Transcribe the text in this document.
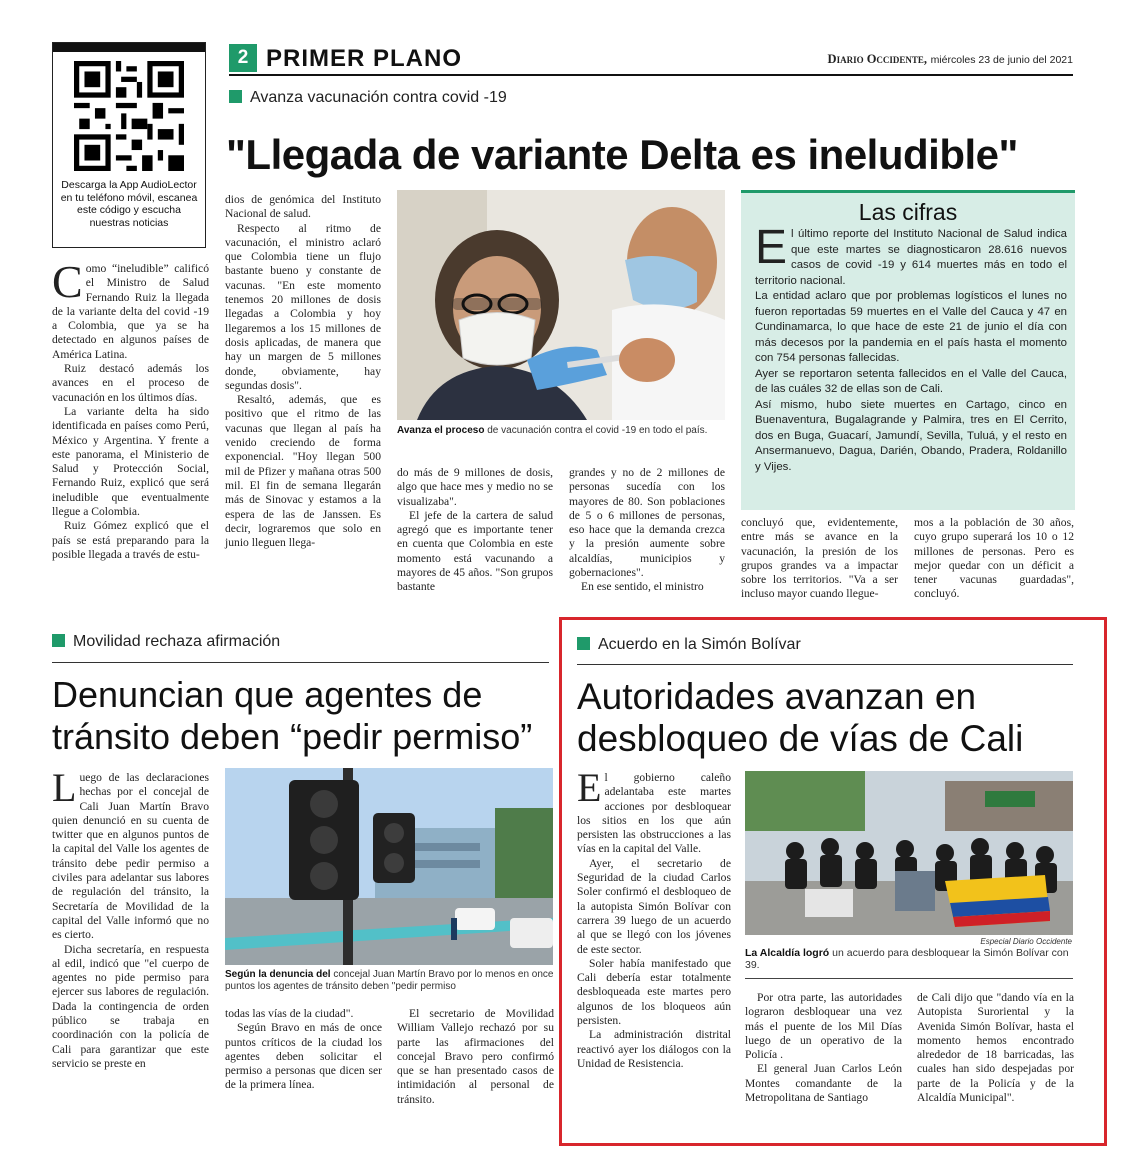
Descarga la App AudioLector en tu teléfono móvil, escanea este código y escucha nuestras noticias
2 PRIMER PLANO	Diario Occidente, miércoles 23 de junio del 2021
Avanza vacunación contra covid -19
"Llegada de variante Delta es ineludible"

Como “ineludible” calificó el Ministro de Salud Fernando Ruiz la llegada de la variante delta del covid -19 a Colombia, que ya se ha detectado en algunos países de América Latina.

Ruiz destacó además los avances en el proceso de vacunación en los últimos días.

La variante delta ha sido identificada en países como Perú, México y Argentina. Y frente a este panorama, el Ministerio de Salud y Protección Social, Fernando Ruiz, explicó que será ineludible que eventualmente llegue a Colombia.

Ruiz Gómez explicó que el país se está preparando para la posible llegada a través de estu-

dios de genómica del Instituto Nacional de salud.

Respecto al ritmo de vacunación, el ministro aclaró que Colombia tiene un flujo bastante bueno y constante de vacunas. "En este momento tenemos 20 millones de dosis llegadas a Colombia y hoy llegaremos a los 15 millones de dosis aplicadas, de manera que hay un margen de 5 millones donde, obviamente, hay segundas dosis".

Resaltó, además, que es positivo que el ritmo de las vacunas que llegan al país ha venido creciendo de forma exponencial. "Hoy llegan 500 mil de Pfizer y mañana otras 500 mil. El fin de semana llegarán más de Sinovac y estamos a la espera de las de Janssen. Es decir, lograremos que solo en junio lleguen llega-

Avanza el proceso de vacunación contra el covid -19 en todo el país.

do más de 9 millones de dosis, algo que hace mes y medio no se visualizaba".

El jefe de la cartera de salud agregó que es importante tener en cuenta que Colombia en este momento está vacunando a mayores de 45 años. "Son grupos bastante

grandes y no de 2 millones de personas sucedía con los mayores de 80. Son poblaciones de 5 o 6 millones de personas, eso hace que la demanda crezca y la presión aumente sobre alcaldías, municipios y gobernaciones".

En ese sentido, el ministro

Las cifras

El último reporte del Instituto Nacional de Salud indica que este martes se diagnosticaron 28.616 nuevos casos de covid -19 y 614 muertes más en todo el territorio nacional.

La entidad aclaro que por problemas logísticos el lunes no fueron reportadas 59 muertes en el Valle del Cauca y 47 en Cundinamarca, lo que hace de este 21 de junio el día con más decesos por la pandemia en el país hasta el momento con 754 personas fallecidas.

Ayer se reportaron setenta fallecidos en el Valle del Cauca, de las cuáles 32 de ellas son de Cali.

Así mismo, hubo siete muertes en Cartago, cinco en Buenaventura, Bugalagrande y Palmira, tres en El Cerrito, dos en Buga, Guacarí, Jamundí, Sevilla, Tuluá, y el resto en Ansermanuevo, Dagua, Darién, Obando, Pradera, Roldanillo y Vijes.

concluyó que, evidentemente, entre más se avance en la vacunación, la presión de los grupos grandes va a impactar sobre los territorios. "Va a ser incluso mayor cuando llegue-

mos a la población de 30 años, cuyo grupo superará los 10 o 12 millones de personas. Pero es mejor quedar con un déficit a tener vacunas guardadas", concluyó.

Movilidad rechaza afirmación
Denuncian que agentes de tránsito deben “pedir permiso”

Luego de las declaraciones hechas por el concejal de Cali Juan Martín Bravo quien denunció en su cuenta de twitter que en algunos puntos de la capital del Valle los agentes de tránsito debe pedir permiso a civiles para adelantar sus labores de regulación del tránsito, la Secretaría de Movilidad de la capital del Valle informó que no es cierto.

Dicha secretaría, en respuesta al edil, indicó que "el cuerpo de agentes no pide permiso para ejercer sus labores de regulación. Dada la contingencia de orden público se trabaja en coordinación con la policía de Cali para garantizar que este servicio se preste en

Según la denuncia del concejal Juan Martín Bravo por lo menos en once puntos los agentes de tránsito deben "pedir permiso

todas las vías de la ciudad".

Según Bravo en más de once puntos críticos de la ciudad los agentes deben solicitar el permiso a personas que dicen ser de la primera línea.

El secretario de Movilidad William Vallejo rechazó por su parte las afirmaciones del concejal Bravo pero confirmó que se han presentado casos de intimidación al personal de tránsito.

Acuerdo en la Simón Bolívar
Autoridades avanzan en desbloqueo de vías de Cali

El gobierno caleño adelantaba este martes acciones por desbloquear los sitios en los que aún persisten las obstrucciones a las vías en la capital del Valle.

Ayer, el secretario de Seguridad de la ciudad Carlos Soler confirmó el desbloqueo de la autopista Simón Bolívar con carrera 39 luego de un acuerdo al que se llegó con los jóvenes de este sector.

Soler había manifestado que Cali debería estar totalmente desbloqueada este martes pero algunos de los bloqueos aún persisten.

La administración distrital reactivó ayer los diálogos con la Unidad de Resistencia.

Especial Diario Occidente
La Alcaldía logró un acuerdo para desbloquear la Simón Bolívar con 39.

Por otra parte, las autoridades lograron desbloquear una vez más el puente de los Mil Días luego de un operativo de la Policía .

El general Juan Carlos León Montes comandante de la Metropolitana de Santiago

de Cali dijo que "dando vía en la Autopista Suroriental y la Avenida Simón Bolívar, hasta el momento hemos encontrado alrededor de 18 barricadas, las cuales han sido despejadas por parte de la Policía y de la Alcaldía Municipal".
